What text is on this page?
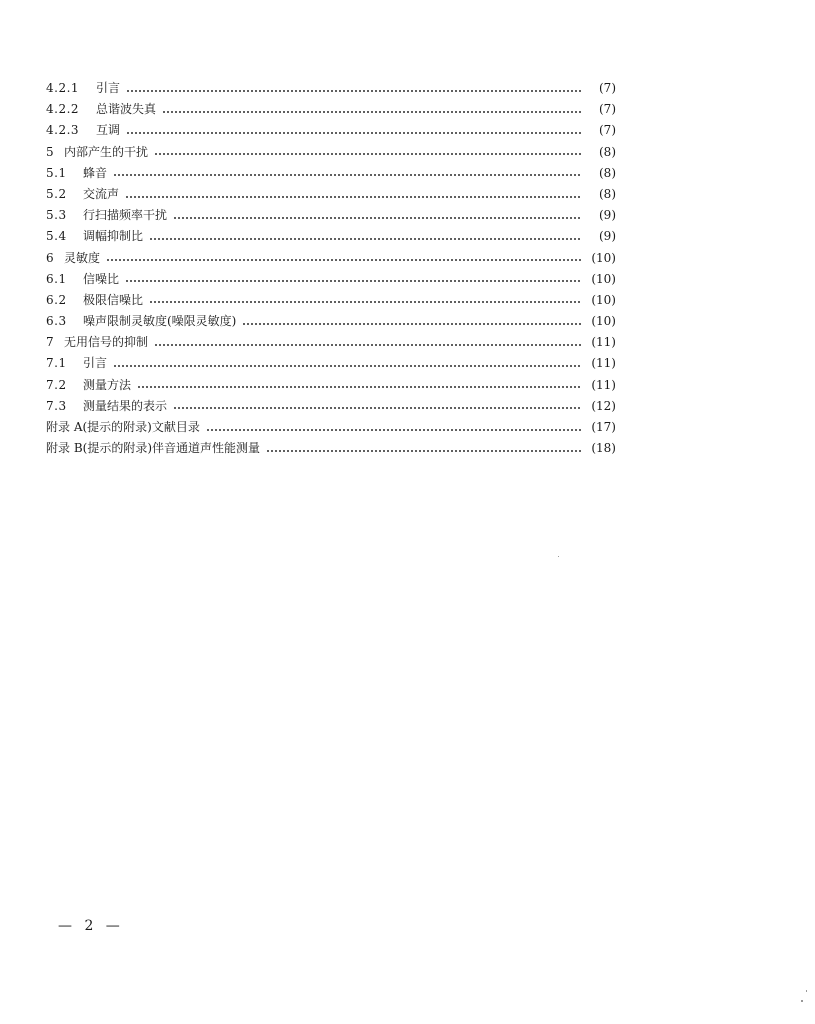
4.2.1	引言	(7)
4.2.2	总谐波失真	(7)
4.2.3	互调	(7)
5 内部产生的干扰	(8)
5.1	蜂音	(8)
5.2	交流声	(8)
5.3	行扫描频率干扰	(9)
5.4	调幅抑制比	(9)
6 灵敏度	(10)
6.1	信噪比	(10)
6.2	极限信噪比	(10)
6.3	噪声限制灵敏度(噪限灵敏度)	(10)
7 无用信号的抑制	(11)
7.1	引言	(11)
7.2	测量方法	(11)
7.3	测量结果的表示	(12)
附录 A(提示的附录)文献目录	(17)
附录 B(提示的附录)伴音通道声性能测量	(18)
— 2 —
